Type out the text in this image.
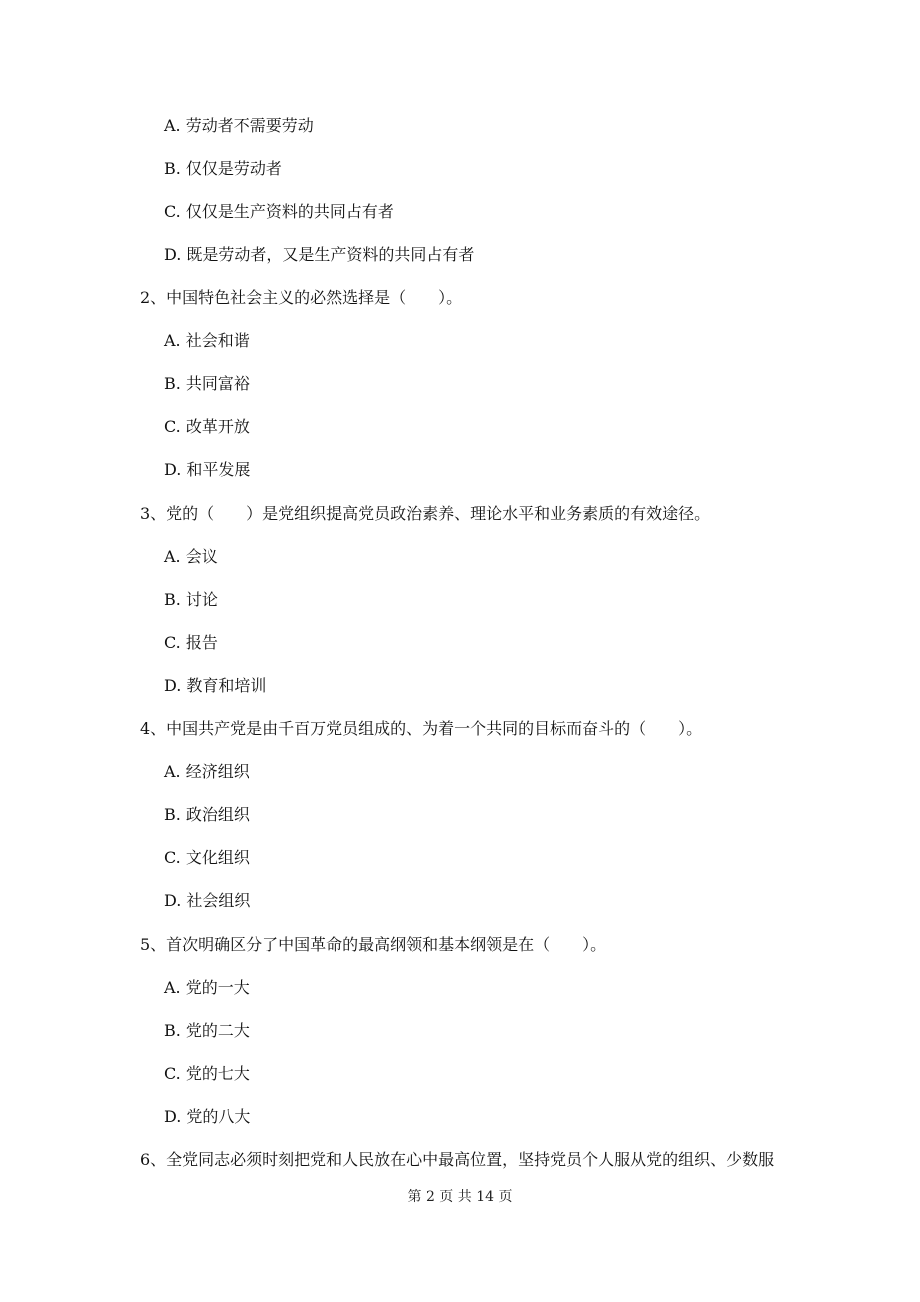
A. 劳动者不需要劳动
B. 仅仅是劳动者
C. 仅仅是生产资料的共同占有者
D. 既是劳动者，又是生产资料的共同占有者
2、中国特色社会主义的必然选择是（　　）。
A. 社会和谐
B. 共同富裕
C. 改革开放
D. 和平发展
3、党的（　　）是党组织提高党员政治素养、理论水平和业务素质的有效途径。
A. 会议
B. 讨论
C. 报告
D. 教育和培训
4、中国共产党是由千百万党员组成的、为着一个共同的目标而奋斗的（　　）。
A. 经济组织
B. 政治组织
C. 文化组织
D. 社会组织
5、首次明确区分了中国革命的最高纲领和基本纲领是在（　　）。
A. 党的一大
B. 党的二大
C. 党的七大
D. 党的八大
6、全党同志必须时刻把党和人民放在心中最高位置，坚持党员个人服从党的组织、少数服
第 2 页 共 14 页
